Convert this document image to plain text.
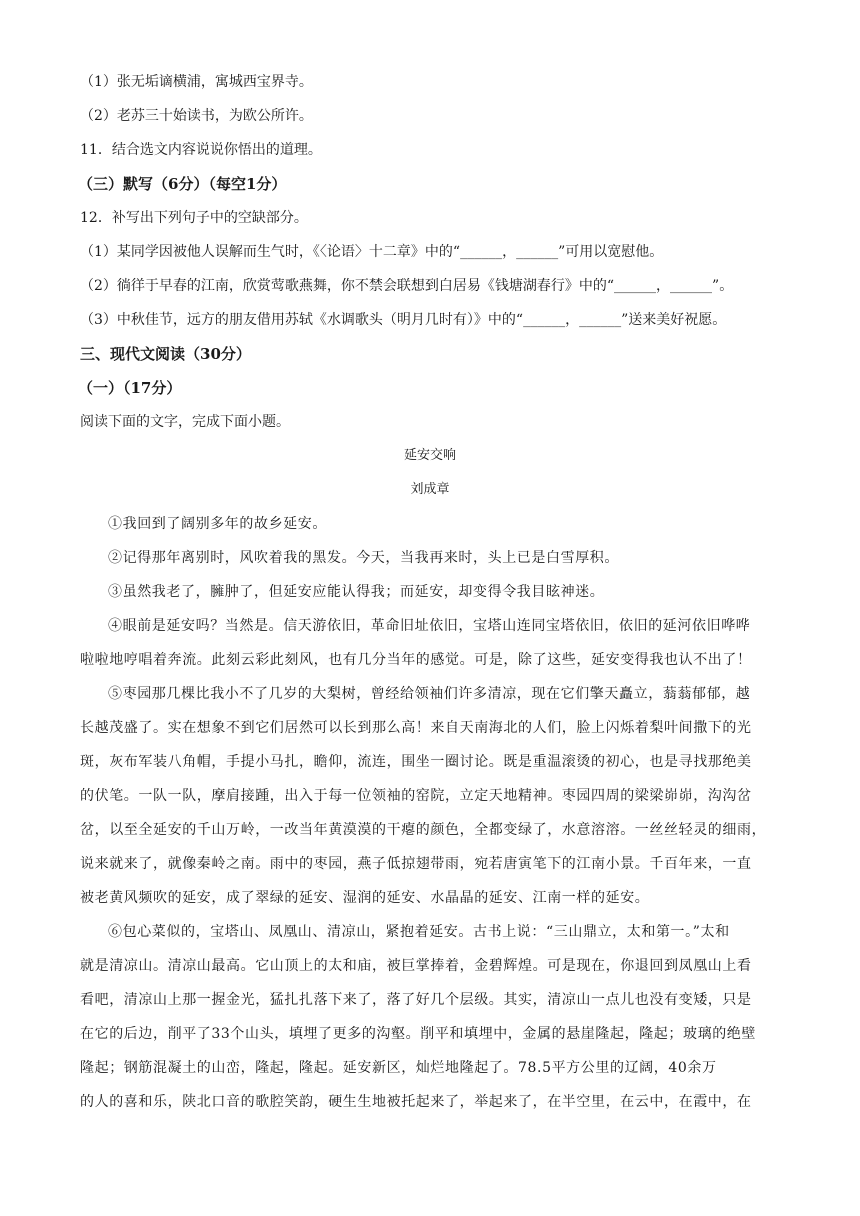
（1）张无垢谪横浦，寓城西宝界寺。
（2）老苏三十始读书，为欧公所许。
11．结合选文内容说说你悟出的道理。
（三）默写（6分）（每空1分）
12．补写出下列句子中的空缺部分。
（1）某同学因被他人误解而生气时，《〈论语〉十二章》中的“______，______”可用以宽慰他。
（2）徜徉于早春的江南，欣赏莺歌燕舞，你不禁会联想到白居易《钱塘湖春行》中的“______，______”。
（3）中秋佳节，远方的朋友借用苏轼《水调歌头（明月几时有）》中的“______，______”送来美好祝愿。
三、现代文阅读（30分）
（一）（17分）
阅读下面的文字，完成下面小题。
延安交响
刘成章
①我回到了阔别多年的故乡延安。
②记得那年离别时，风吹着我的黑发。今天，当我再来时，头上已是白雪厚积。
③虽然我老了，臃肿了，但延安应能认得我；而延安，却变得令我目眩神迷。
④眼前是延安吗？当然是。信天游依旧，革命旧址依旧，宝塔山连同宝塔依旧，依旧的延河依旧哗哗
啦啦地哼唱着奔流。此刻云彩此刻风，也有几分当年的感觉。可是，除了这些，延安变得我也认不出了！
⑤枣园那几棵比我小不了几岁的大梨树，曾经给领袖们许多清凉，现在它们擎天矗立，蓊蓊郁郁，越
长越茂盛了。实在想象不到它们居然可以长到那么高！来自天南海北的人们，脸上闪烁着梨叶间撒下的光
斑，灰布军装八角帽，手提小马扎，瞻仰，流连，围坐一圈讨论。既是重温滚烫的初心，也是寻找那绝美
的伏笔。一队一队，摩肩接踵，出入于每一位领袖的窑院，立定天地精神。枣园四周的梁梁峁峁，沟沟岔
岔，以至全延安的千山万岭，一改当年黄漠漠的干瘪的颜色，全都变绿了，水意溶溶。一丝丝轻灵的细雨，
说来就来了，就像秦岭之南。雨中的枣园，燕子低掠翅带雨，宛若唐寅笔下的江南小景。千百年来，一直
被老黄风频吹的延安，成了翠绿的延安、湿润的延安、水晶晶的延安、江南一样的延安。
⑥包心菜似的，宝塔山、凤凰山、清凉山，紧抱着延安。古书上说：“三山鼎立，太和第一。”太和
就是清凉山。清凉山最高。它山顶上的太和庙，被巨掌捧着，金碧辉煌。可是现在，你退回到凤凰山上看
看吧，清凉山上那一握金光，猛扎扎落下来了，落了好几个层级。其实，清凉山一点儿也没有变矮，只是
在它的后边，削平了33个山头，填埋了更多的沟壑。削平和填埋中，金属的悬崖隆起，隆起；玻璃的绝壁
隆起；钢筋混凝土的山峦，隆起，隆起。延安新区，灿烂地隆起了。78.5平方公里的辽阔，40余万
的人的喜和乐，陕北口音的歌腔笑韵，硬生生地被托起来了，举起来了，在半空里，在云中，在霞中，在
